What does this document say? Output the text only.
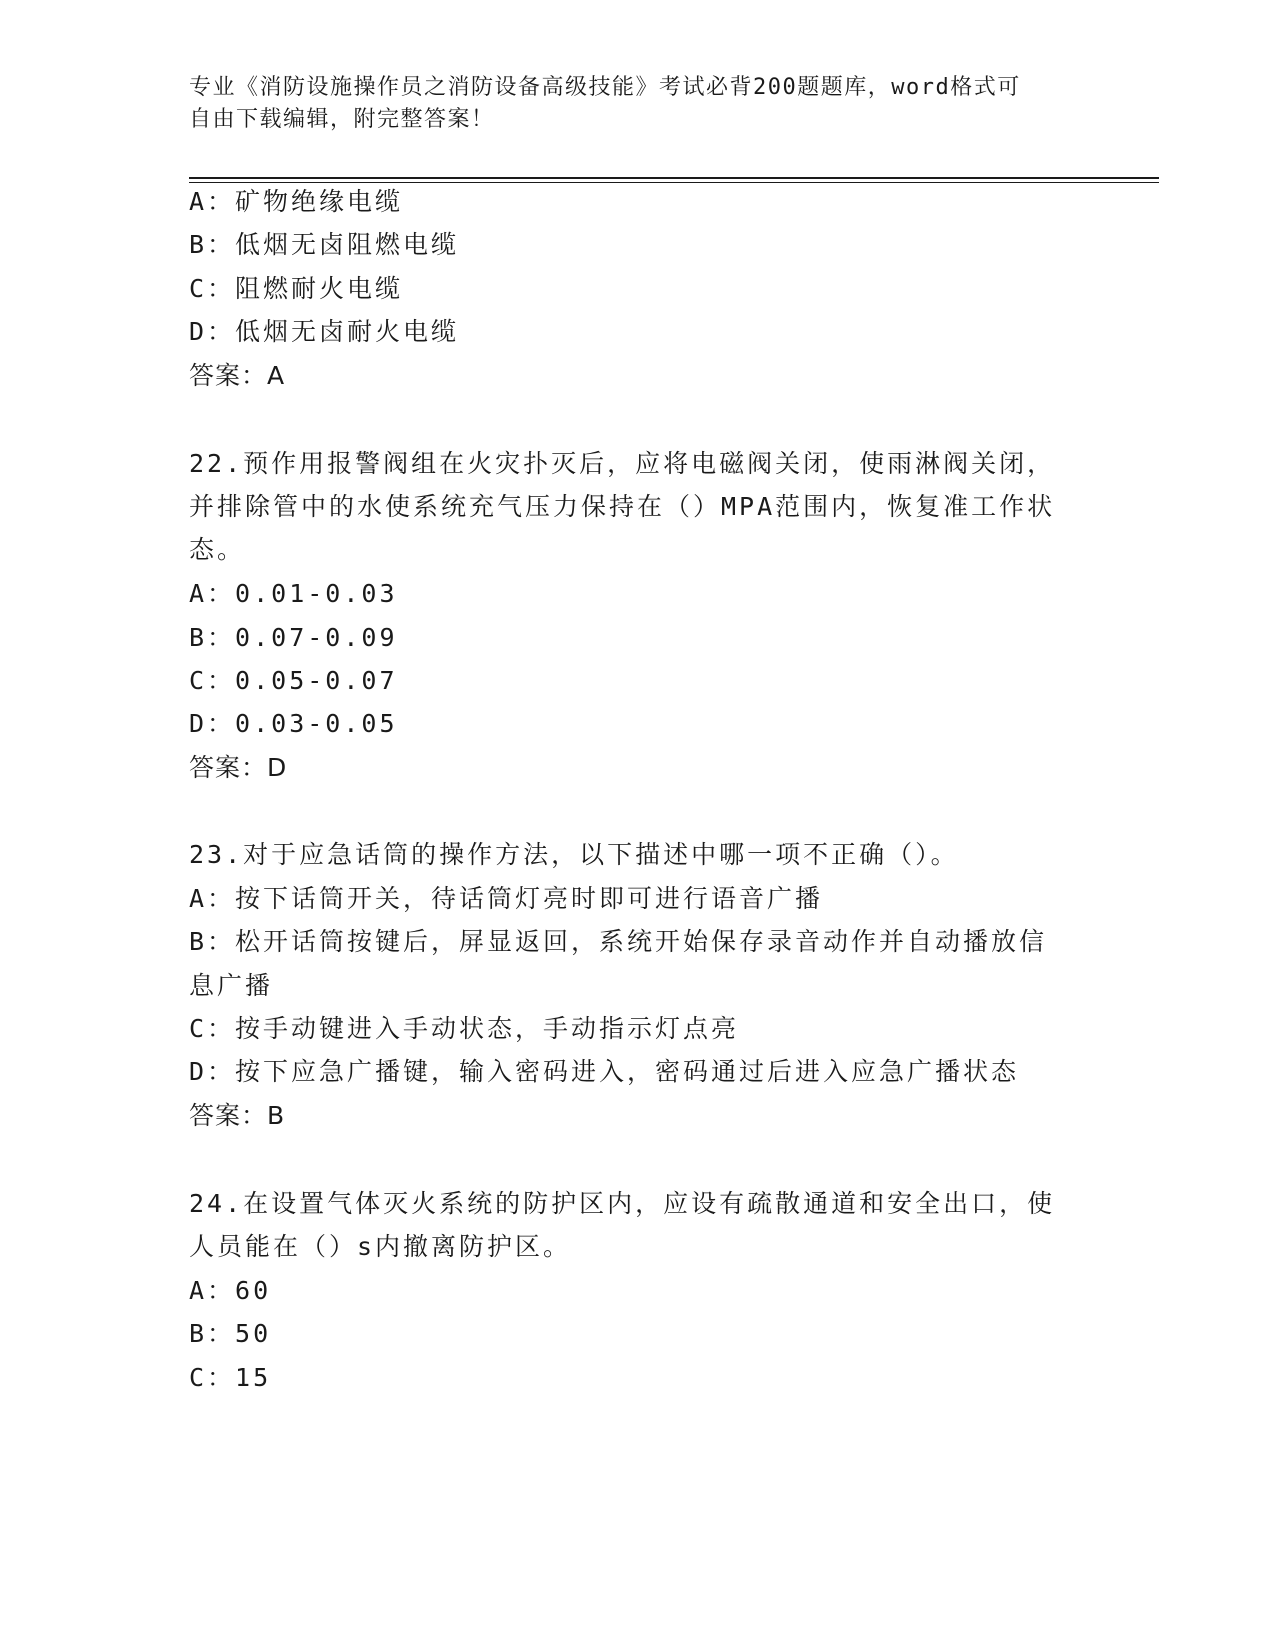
专业《消防设施操作员之消防设备高级技能》考试必背200题题库，word格式可
自由下载编辑，附完整答案！
A：矿物绝缘电缆
B：低烟无卤阻燃电缆
C：阻燃耐火电缆
D：低烟无卤耐火电缆
答案：A
22.预作用报警阀组在火灾扑灭后，应将电磁阀关闭，使雨淋阀关闭，
并排除管中的水使系统充气压力保持在（）MPA范围内，恢复准工作状
态。
A：0.01-0.03
B：0.07-0.09
C：0.05-0.07
D：0.03-0.05
答案：D
23.对于应急话筒的操作方法，以下描述中哪一项不正确（）。
A：按下话筒开关，待话筒灯亮时即可进行语音广播
B：松开话筒按键后，屏显返回，系统开始保存录音动作并自动播放信
息广播
C：按手动键进入手动状态，手动指示灯点亮
D：按下应急广播键，输入密码进入，密码通过后进入应急广播状态
答案：B
24.在设置气体灭火系统的防护区内，应设有疏散通道和安全出口，使
人员能在（）s内撤离防护区。
A：60
B：50
C：15
